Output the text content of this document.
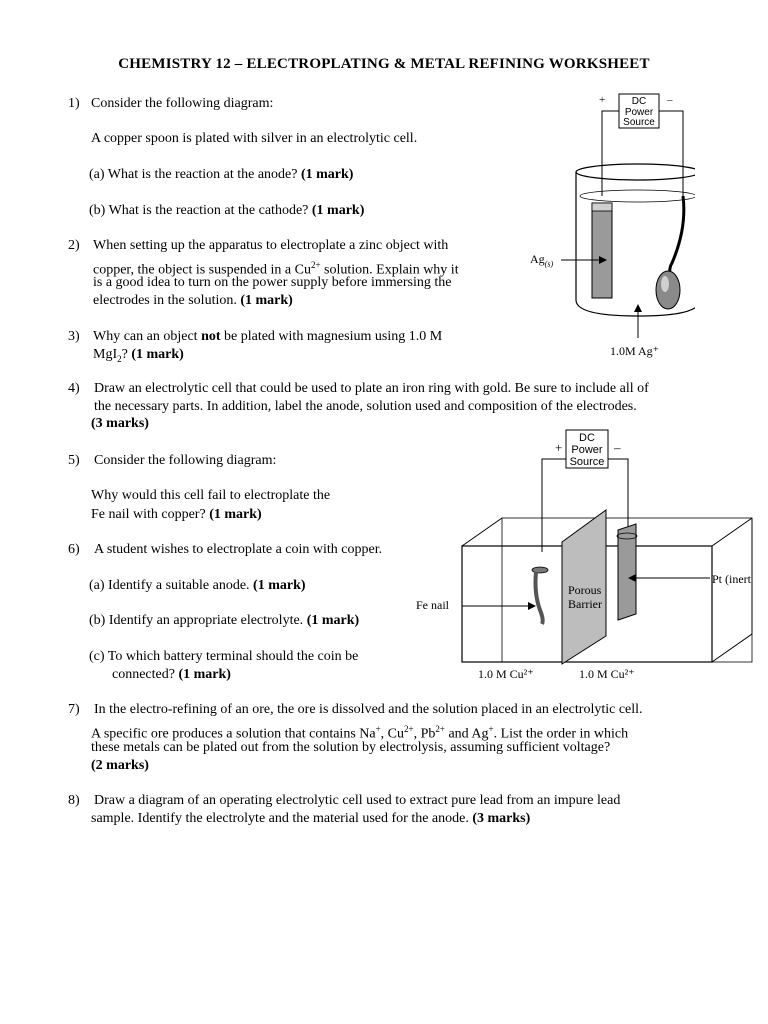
CHEMISTRY 12 – ELECTROPLATING & METAL REFINING WORKSHEET
1) Consider the following diagram:
A copper spoon is plated with silver in an electrolytic cell.
(a) What is the reaction at the anode? (1 mark)
(b) What is the reaction at the cathode? (1 mark)
2) When setting up the apparatus to electroplate a zinc object with
copper, the object is suspended in a $Cu^{2+}$ solution. Explain why it
is a good idea to turn on the power supply before immersing the
electrodes in the solution. (1 mark)
3) Why can an object not be plated with magnesium using 1.0 M
MgI$_2$? (1 mark)
4) Draw an electrolytic cell that could be used to plate an iron ring with gold. Be sure to include all of
the necessary parts. In addition, label the anode, solution used and composition of the electrodes.
(3 marks)
5) Consider the following diagram:
Why would this cell fail to electroplate the
Fe nail with copper? (1 mark)
6) A student wishes to electroplate a coin with copper.
(a) Identify a suitable anode. (1 mark)
(b) Identify an appropriate electrolyte. (1 mark)
(c) To which battery terminal should the coin be
connected? (1 mark)
7) In the electro-refining of an ore, the ore is dissolved and the solution placed in an electrolytic cell.
A specific ore produces a solution that contains Na+, $Cu^{2+}$, $Pb^{2+}$ and Ag+. List the order in which
these metals can be plated out from the solution by electrolysis, assuming sufficient voltage?
(2 marks)
8) Draw a diagram of an operating electrolytic cell used to extract pure lead from an impure lead
sample. Identify the electrolyte and the material used for the anode. (3 marks)
DC
Power
Source
+	–
$Ag_{(s)}$
1.0M Ag⁺
DC
Power
Source
+	–
Porous
Barrier
Fe nail
Pt (inert
1.0 M Cu²⁺	1.0 M Cu²⁺
